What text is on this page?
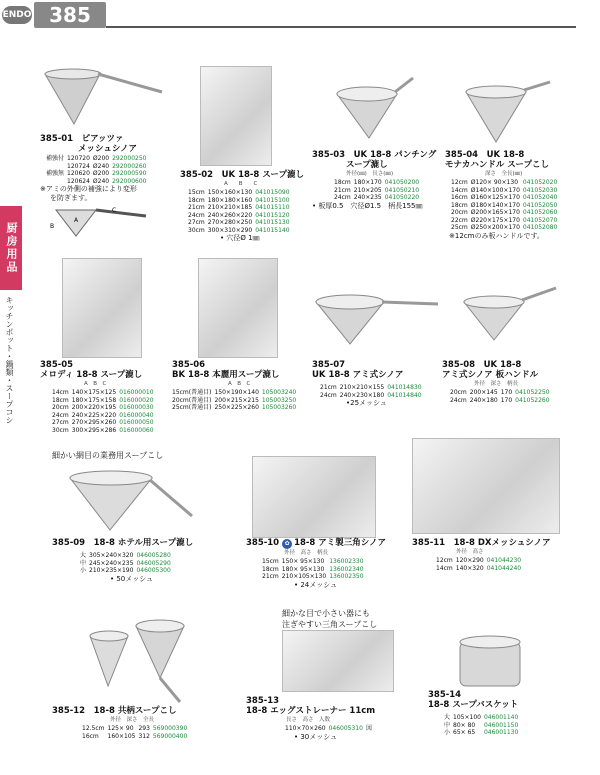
ENDO 385
厨房用品
キッチンポット・鍋類・スープコシ
385-01　 ピアッツァ
メッシュシノア
補強付	120720	Ø200	292000250
	120724	Ø240	292000260
補強無	120620	Ø200	292000590
	120624	Ø240	292000600
※アミの外側の補強により変形
を防ぎます。
A
B
C
385-02　 UK 18-8 スープ漉し
A　　B　　C
15cm	150×160×130	041015090
18cm	180×180×160	041015100
21cm	210×210×185	041015110
24cm	240×260×220	041015120
27cm	270×280×250	041015130
30cm	300×310×290	041015140
• 穴径Ø 1㎜
385-03　 UK 18-8 パンチング
スープ漉し
外径(㎜)　長さ(㎜)
18cm	180×170	041050200
21cm	210×205	041050210
24cm	240×235	041050220
• 板厚0.5　穴径Ø1.5　柄長155㎜
385-04　 UK 18-8
モナカハンドル スープこし
深さ　全長(㎜)
12cm	Ø120× 90×130	041052020
14cm	Ø140×100×170	041052030
16cm	Ø160×125×170	041052040
18cm	Ø180×140×170	041052050
20cm	Ø200×165×170	041052060
22cm	Ø220×175×170	041052070
25cm	Ø250×200×170	041052080
※12cmのみ板ハンドルです。
385-05
メロディ 18-8 スープ漉し
A　B　C
14cm	140×175×125	016000010
18cm	180×175×158	016000020
20cm	200×220×195	016000030
24cm	240×225×220	016000040
27cm	270×295×260	016000050
30cm	300×295×286	016000060
385-06
BK 18-8 本麗用スープ漉し
A　B　C
15cm(普通目)	150×190×140	105003240
20cm(普通目)	200×215×215	105003250
25cm(普通目)	250×225×260	105003260
385-07
UK 18-8 アミ式シノア
21cm	210×210×155	041014830
24cm	240×230×180	041014840
•25メッシュ
385-08　 UK 18-8
アミ式シノア 板ハンドル
外径　深さ　柄長
20cm	200×145	170	041052250
24cm	240×180	170	041052260
細かい網目の業務用スープこし
385-09　 18-8 ホテル用スープ漉し
大	305×240×320	046005280
中	245×240×235	046005290
小	210×235×190	046005300
• 50メッシュ
385-10 ✿ 18-8 アミ製三角シノア
外径　高さ　柄長
15cm	150× 95×130	136002330
18cm	180× 95×130	136002340
21cm	210×105×130	136002350
• 24メッシュ
385-11　 18-8 DXメッシュシノア
外径　高さ
12cm	120×290	041044230
14cm	140×320	041044240
細かな目で小さい器にも
注ぎやすい三角スープこし
385-12　 18-8 共柄スープこし
外径　深さ　全長
12.5cm	125× 90	293	569000390
16cm	160×105	312	569000400
385-13
18-8 エッグストレーナー 11cm
長さ　高さ　入数
	110×70×260	046005310	図
• 30メッシュ
385-14
18-8 スープバスケット
大	105×100	046001140
中	80× 80	046001150
小	65× 65	046001130
